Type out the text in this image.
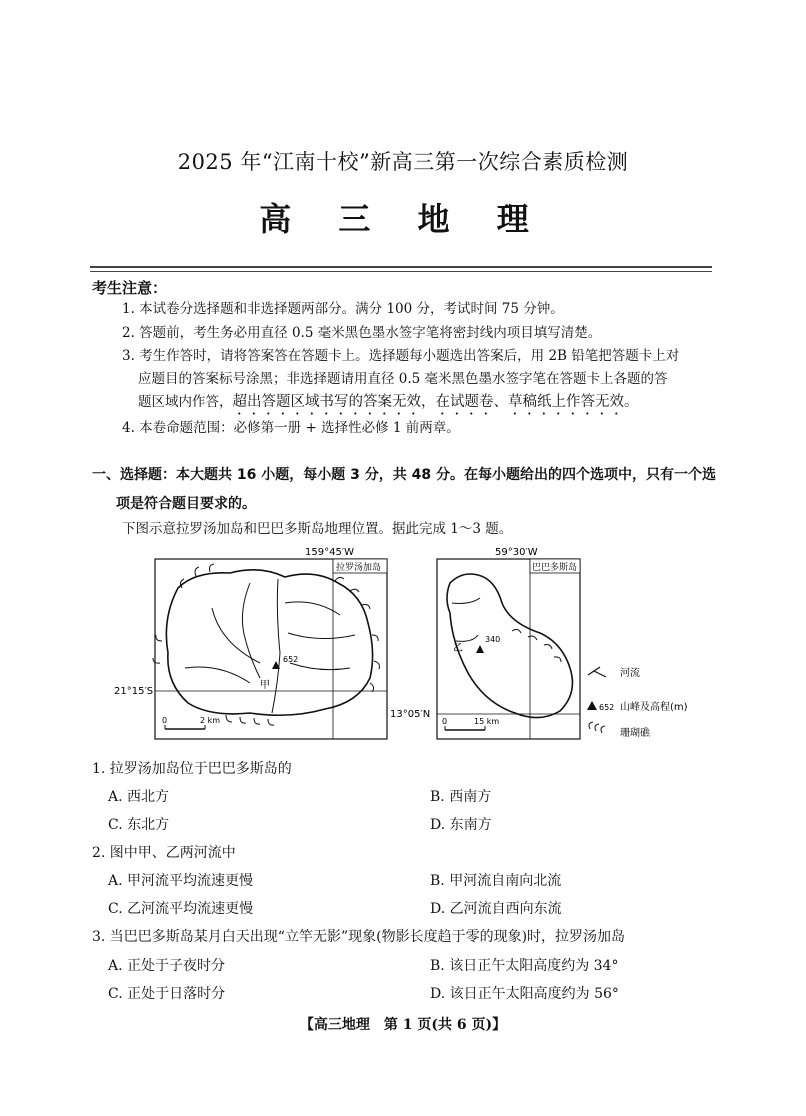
2025 年“江南十校”新高三第一次综合素质检测
高 三 地 理
考生注意：
1. 本试卷分选择题和非选择题两部分。满分 100 分，考试时间 75 分钟。
2. 答题前，考生务必用直径 0.5 毫米黑色墨水签字笔将密封线内项目填写清楚。
3. 考生作答时，请将答案答在答题卡上。选择题每小题选出答案后，用 2B 铅笔把答题卡上对
应题目的答案标号涂黑；非选择题请用直径 0.5 毫米黑色墨水签字笔在答题卡上各题的答
题区域内作答，超出答题区域书写的答案无效，在试题卷、草稿纸上作答无效。
4. 本卷命题范围：必修第一册 + 选择性必修 1 前两章。
一、选择题：本大题共 16 小题，每小题 3 分，共 48 分。在每小题给出的四个选项中，只有一个选
项是符合题目要求的。
下图示意拉罗汤加岛和巴巴多斯岛地理位置。据此完成 1～3 题。
159°45′W
拉罗汤加岛
21°15′S
652
甲
0	2 km
59°30′W
巴巴多斯岛
13°05′N
340
乙
0	15 km
河流
652 山峰及高程(m)
珊瑚礁
1. 拉罗汤加岛位于巴巴多斯岛的
A. 西北方	B. 西南方
C. 东北方	D. 东南方
2. 图中甲、乙两河流中
A. 甲河流平均流速更慢	B. 甲河流自南向北流
C. 乙河流平均流速更慢	D. 乙河流自西向东流
3. 当巴巴多斯岛某月白天出现“立竿无影”现象(物影长度趋于零的现象)时，拉罗汤加岛
A. 正处于子夜时分	B. 该日正午太阳高度约为 34°
C. 正处于日落时分	D. 该日正午太阳高度约为 56°
【高三地理　第 1 页(共 6 页)】
